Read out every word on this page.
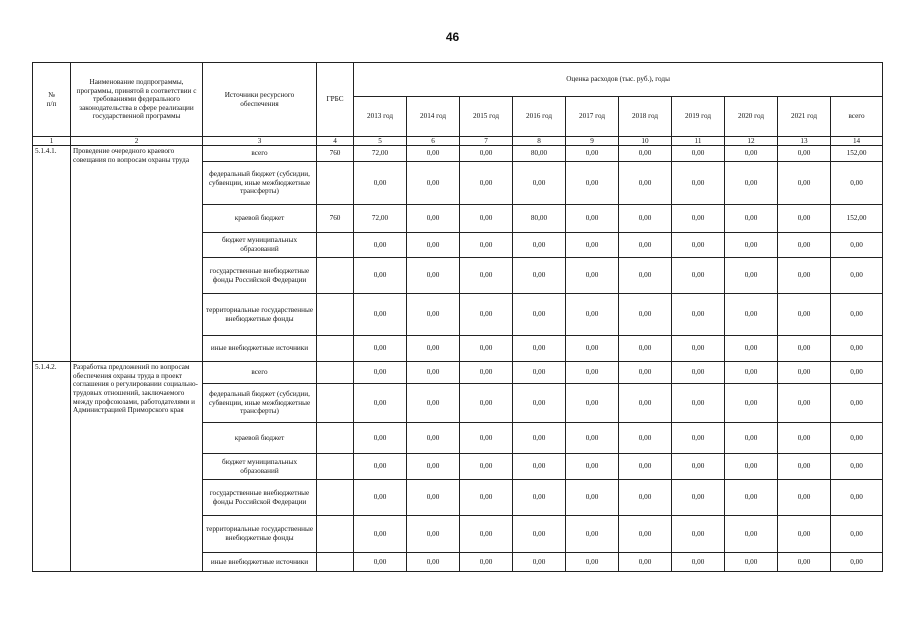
46
№
п/п	Наименование подпрограммы, программы, принятой в соответствии с требованиями федерального законодательства в сфере реализации государственной программы	Источники ресурсного обеспечения	ГРБС	Оценка расходов (тыс. руб.), годы									
				2013 год	2014 год	2015 год	2016 год	2017 год	2018 год	2019 год	2020 год	2021 год	всего
1	2	3	4	5	6	7	8	9	10	11	12	13	14
5.1.4.1.	Проведение очередного краевого совещания по вопросам охраны труда	всего	760	72,00	0,00	0,00	80,00	0,00	0,00	0,00	0,00	0,00	152,00
		федеральный бюджет (субсидии, субвенции, иные межбюджетные трансферты)		0,00	0,00	0,00	0,00	0,00	0,00	0,00	0,00	0,00	0,00
		краевой бюджет	760	72,00	0,00	0,00	80,00	0,00	0,00	0,00	0,00	0,00	152,00
		бюджет муниципальных образований		0,00	0,00	0,00	0,00	0,00	0,00	0,00	0,00	0,00	0,00
		государственные внебюджетные фонды Российской Федерации		0,00	0,00	0,00	0,00	0,00	0,00	0,00	0,00	0,00	0,00
		территориальные государственные внебюджетные фонды		0,00	0,00	0,00	0,00	0,00	0,00	0,00	0,00	0,00	0,00
		иные внебюджетные источники		0,00	0,00	0,00	0,00	0,00	0,00	0,00	0,00	0,00	0,00
5.1.4.2.	Разработка предложений по вопросам обеспечения охраны труда в проект соглашения о регулировании социально- трудовых отношений, заключаемого между профсоюзами, работодателями и Администрацией Приморского края	всего		0,00	0,00	0,00	0,00	0,00	0,00	0,00	0,00	0,00	0,00
		федеральный бюджет (субсидии, субвенции, иные межбюджетные трансферты)		0,00	0,00	0,00	0,00	0,00	0,00	0,00	0,00	0,00	0,00
		краевой бюджет		0,00	0,00	0,00	0,00	0,00	0,00	0,00	0,00	0,00	0,00
		бюджет муниципальных образований		0,00	0,00	0,00	0,00	0,00	0,00	0,00	0,00	0,00	0,00
		государственные внебюджетные фонды Российской Федерации		0,00	0,00	0,00	0,00	0,00	0,00	0,00	0,00	0,00	0,00
		территориальные государственные внебюджетные фонды		0,00	0,00	0,00	0,00	0,00	0,00	0,00	0,00	0,00	0,00
		иные внебюджетные источники		0,00	0,00	0,00	0,00	0,00	0,00	0,00	0,00	0,00	0,00
